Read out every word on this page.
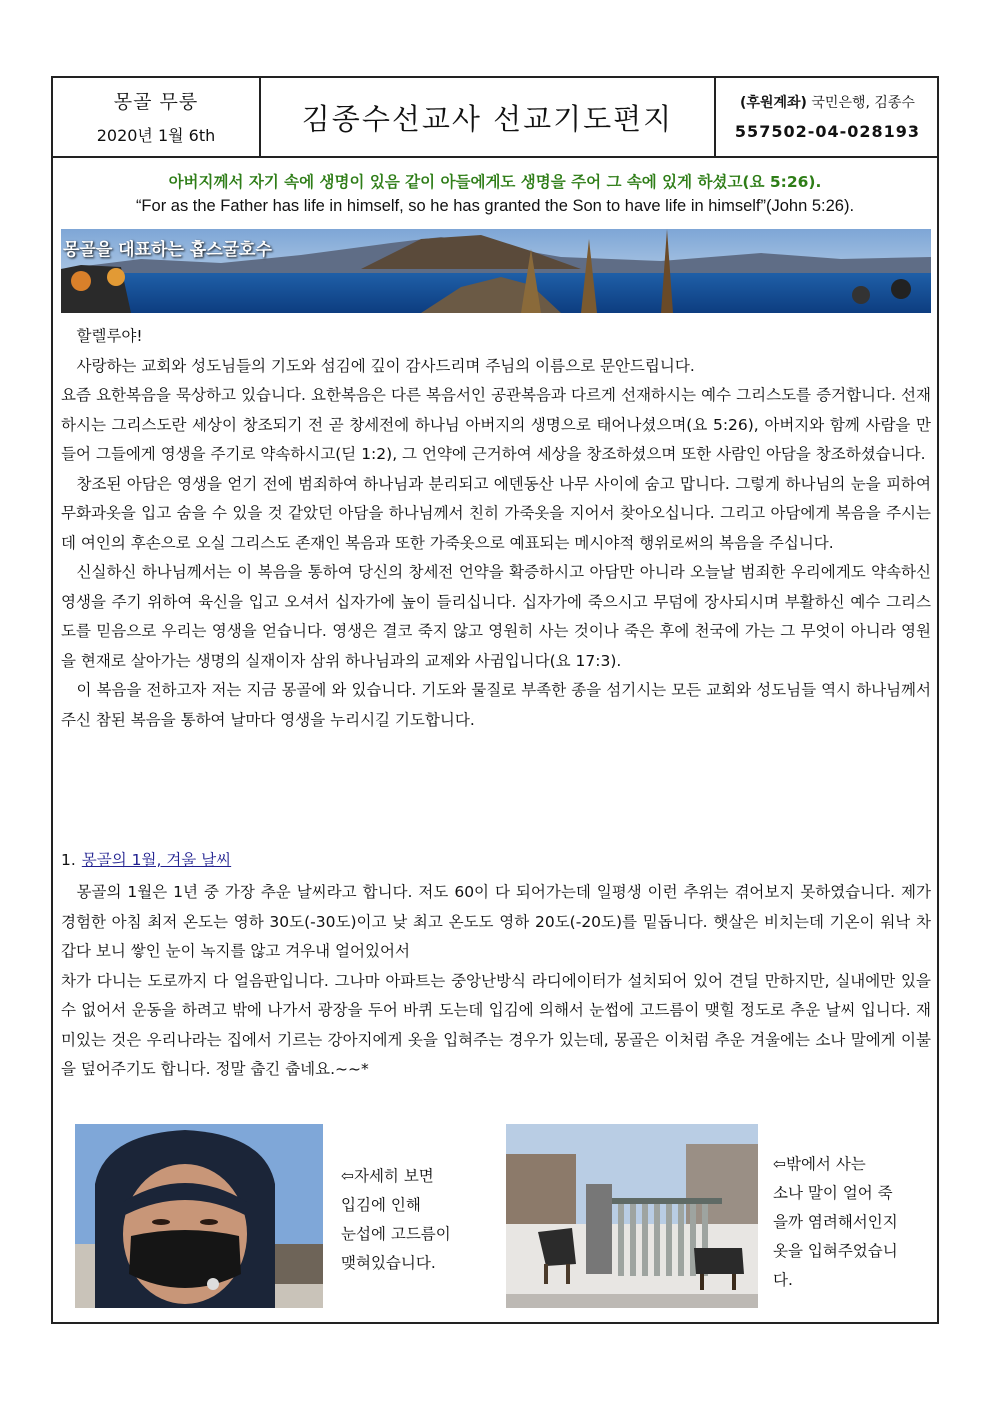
몽골 무룽
2020년 1월 6th	김종수선교사 선교기도편지	(후원계좌) 국민은행, 김종수
557502-04-028193
아버지께서 자기 속에 생명이 있음 같이 아들에게도 생명을 주어 그 속에 있게 하셨고(요 5:26).
“For as the Father has life in himself, so he has granted the Son to have life in himself”(John 5:26).
몽골을 대표하는 홉스굴호수

할렐루야!

사랑하는 교회와 성도님들의 기도와 섬김에 깊이 감사드리며 주님의 이름으로 문안드립니다.

요즘 요한복음을 묵상하고 있습니다. 요한복음은 다른 복음서인 공관복음과 다르게 선재하시는 예수 그리스도를 증거합니다. 선재하시는 그리스도란 세상이 창조되기 전 곧 창세전에 하나님 아버지의 생명으로 태어나셨으며(요 5:26), 아버지와 함께 사람을 만들어 그들에게 영생을 주기로 약속하시고(딛 1:2), 그 언약에 근거하여 세상을 창조하셨으며 또한 사람인 아담을 창조하셨습니다.

창조된 아담은 영생을 얻기 전에 범죄하여 하나님과 분리되고 에덴동산 나무 사이에 숨고 맙니다. 그렇게 하나님의 눈을 피하여 무화과옷을 입고 숨을 수 있을 것 같았던 아담을 하나님께서 친히 가죽옷을 지어서 찾아오십니다. 그리고 아담에게 복음을 주시는데 여인의 후손으로 오실 그리스도 존재인 복음과 또한 가죽옷으로 예표되는 메시야적 행위로써의 복음을 주십니다.

신실하신 하나님께서는 이 복음을 통하여 당신의 창세전 언약을 확증하시고 아담만 아니라 오늘날 범죄한 우리에게도 약속하신 영생을 주기 위하여 육신을 입고 오셔서 십자가에 높이 들리십니다. 십자가에 죽으시고 무덤에 장사되시며 부활하신 예수 그리스도를 믿음으로 우리는 영생을 얻습니다. 영생은 결코 죽지 않고 영원히 사는 것이나 죽은 후에 천국에 가는 그 무엇이 아니라 영원을 현재로 살아가는 생명의 실재이자 삼위 하나님과의 교제와 사귐입니다(요 17:3).

이 복음을 전하고자 저는 지금 몽골에 와 있습니다. 기도와 물질로 부족한 종을 섬기시는 모든 교회와 성도님들 역시 하나님께서 주신 참된 복음을 통하여 날마다 영생을 누리시길 기도합니다.

1. 몽골의 1월, 겨울 날씨

몽골의 1월은 1년 중 가장 추운 날씨라고 합니다. 저도 60이 다 되어가는데 일평생 이런 추위는 겪어보지 못하였습니다. 제가 경험한 아침 최저 온도는 영하 30도(-30도)이고 낮 최고 온도도 영하 20도(-20도)를 밑돕니다. 햇살은 비치는데 기온이 워낙 차갑다 보니 쌓인 눈이 녹지를 않고 겨우내 얼어있어서

차가 다니는 도로까지 다 얼음판입니다. 그나마 아파트는 중앙난방식 라디에이터가 설치되어 있어 견딜 만하지만, 실내에만 있을 수 없어서 운동을 하려고 밖에 나가서 광장을 두어 바퀴 도는데 입김에 의해서 눈썹에 고드름이 맺힐 정도로 추운 날씨 입니다. 재미있는 것은 우리나라는 집에서 기르는 강아지에게 옷을 입혀주는 경우가 있는데, 몽골은 이처럼 추운 겨울에는 소나 말에게 이불을 덮어주기도 합니다. 정말 춥긴 춥네요.~~*

⇦자세히 보면
입김에 인해
눈섭에 고드름이
맺혀있습니다.
⇦밖에서 사는
소나 말이 얼어 죽
을까 염려해서인지
옷을 입혀주었습니
다.
